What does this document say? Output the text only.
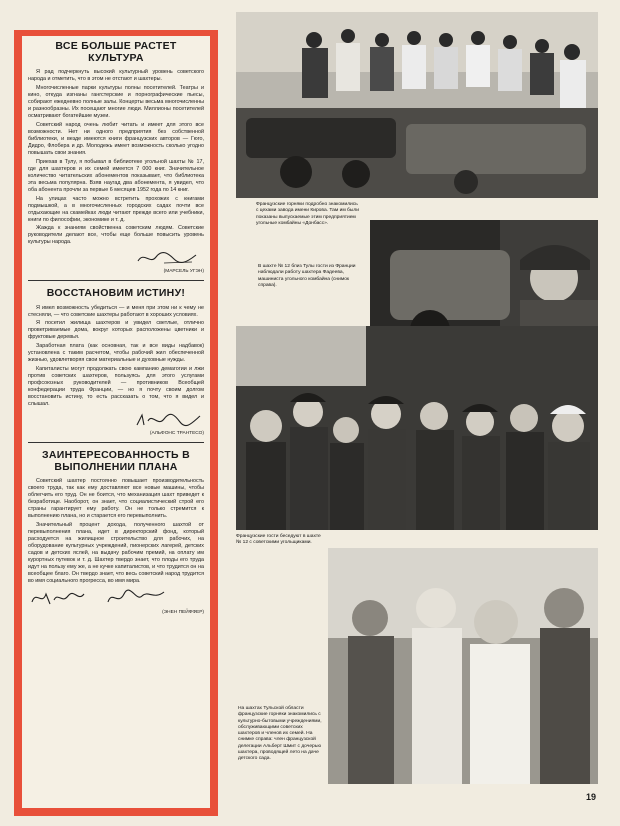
ВСЕ БОЛЬШЕ РАСТЕТ КУЛЬТУРА

Я рад подчеркнуть высокий культурный уровень советского народа и отметить, что в этом не отстают и шахтеры.

Многочисленные парки культуры полны посетителей. Театры и кино, откуда изгнаны гангстерские и порнографические пьесы, собирают ежедневно полные залы. Концерты весьма многочисленны и разнообразны. Их посещают многие люди. Миллионы посетителей осматривают богатейшие музеи.

Советский народ очень любит читать и имеет для этого все возможности. Нет ни одного предприятия без собственной библиотеки, и везде имеются книги французских авторов — Гюго, Дидро, Флобера и др. Молодежь имеет возможность сколько угодно повышать свои знания.

Приехав в Тулу, я побывал в библиотеке угольной шахты № 17, где для шахтеров и их семей имеется 7 000 книг. Значительное количество читательских абонементов показывает, что библиотека эта весьма популярна. Взяв наугад два абонемента, я увидел, что оба абонента прочли за первые 6 месяцев 1952 года по 14 книг.

На улицах часто можно встретить прохожих с книгами подмышкой, а в многочисленных городских садах почти все отдыхающие на скамейках люди читают прежде всего или учебники, книги по философии, экономике и т. д.

Жажда к знаниям свойственна советским людям. Советские руководители делают все, чтобы еще больше повысить уровень культуры народа.

(МАРСЕЛЬ УГЭН)
ВОССТАНОВИМ ИСТИНУ!

Я имел возможность убедиться — и меня при этом ни к чему не стесняли, — что советские шахтеры работают в хороших условиях.

Я посетил жилища шахтеров и увидел светлые, отлично проветриваемые дома, вокруг которых расположены цветники и фруктовые деревья.

Заработная плата (как основная, так и все виды надбавок) установлена с таким расчетом, чтобы рабочий жил обеспеченной жизнью, удовлетворяя свои материальные и духовные нужды.

Капиталисты могут продолжать свою кампанию демагогии и лжи против советских шахтеров, пользуясь для этого услугами профсоюзных руководителей — противников Всеобщей конфедерации труда Франции, — но я почту своим долгом восстановить истину, то есть рассказать о том, что я видел и слышал.

(АЛЬФОНС ТРАНТЕСО)
ЗАИНТЕРЕСОВАННОСТЬ В ВЫПОЛНЕНИИ ПЛАНА

Советский шахтер постоянно повышает производительность своего труда, так как ему доставляют все новые машины, чтобы облегчить его труд. Он не боится, что механизация шахт приведет к безработице. Наоборот, он знает, что социалистический строй его страны гарантирует ему работу. Он не только стремится к выполнению плана, но и старается его перевыполнить.

Значительный процент дохода, полученного шахтой от перевыполнения плана, идет в директорский фонд, который расходуется на жилищное строительство для рабочих, на оборудование культурных учреждений, пионерских лагерей, детских садов и детских яслей, на выдачу рабочим премий, на оплату им курортных путевок и т. д. Шахтер твердо знает, что плоды его труда идут на пользу ему же, а не кучке капиталистов, и что трудится он на всеобщее благо. Он твердо знает, что весь советский народ трудится во имя социального прогресса, во имя мира.

(ЭНЕН ПЕЙФФЕР)
Французские горняки подробно знакомились с цехами завода имени Кирова. Там им были показаны выпускаемые этим предприятием угольные комбайны «Донбасс».
В шахте № 12 близ Тулы гости из Франции наблюдали работу шахтера Фадеева, машиниста угольного комбайна (снимок справа).
Французские гости беседуют в шахте № 12 с советскими угольщиками.
На шахтах Тульской области французские горняки знакомились с культурно-бытовыми учреждениями, обслуживающими советских шахтеров и членов их семей. На снимке справа: член французской делегации Альберт Шмит с дочерью шахтера, проводящей лето на даче детского сада.
19
